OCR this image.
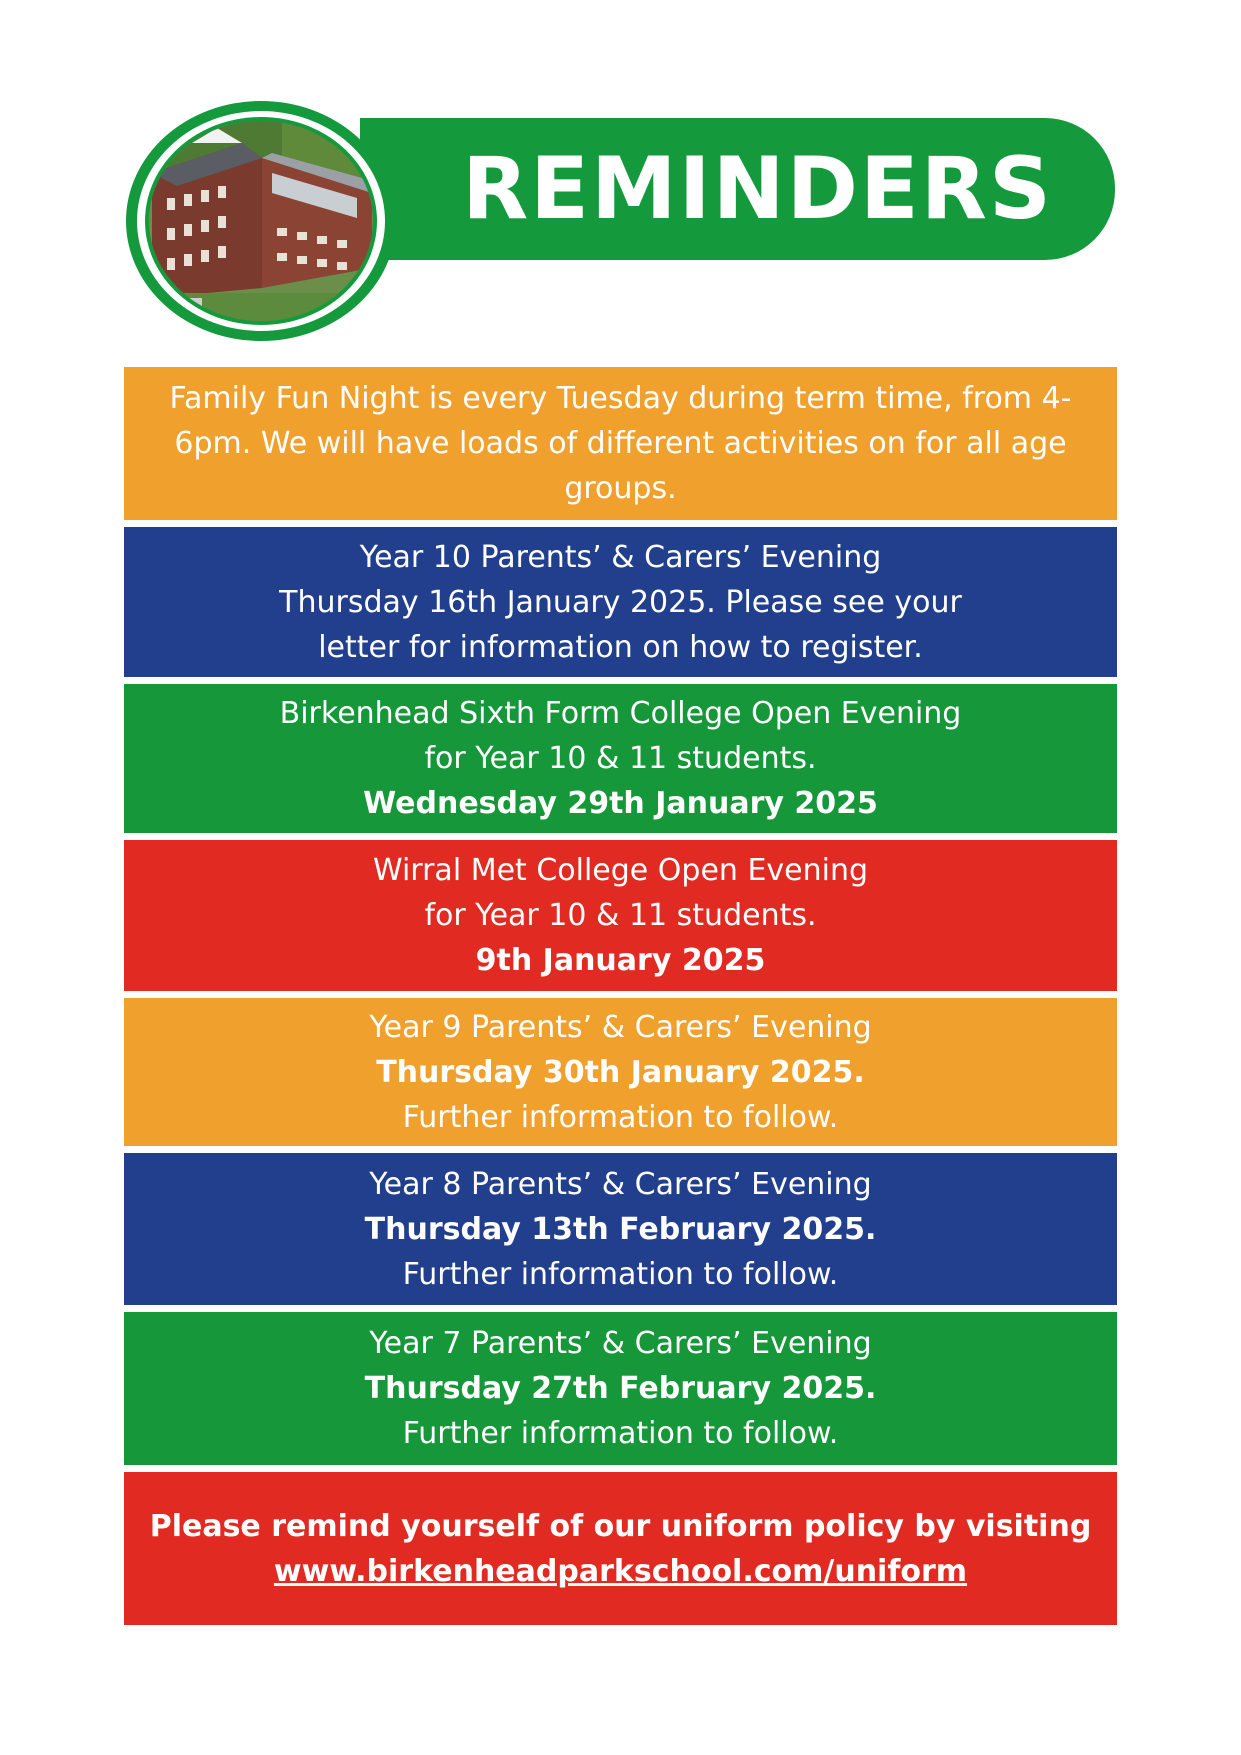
REMINDERS
Family Fun Night is every Tuesday during term time, from 4-
6pm. We will have loads of different activities on for all age
groups.
Year 10 Parents’ & Carers’ Evening
Thursday 16th January 2025. Please see your
letter for information on how to register.
Birkenhead Sixth Form College Open Evening
for Year 10 & 11 students.
Wednesday 29th January 2025
Wirral Met College Open Evening
for Year 10 & 11 students.
9th January 2025
Year 9 Parents’ & Carers’ Evening
Thursday 30th January 2025.
Further information to follow.
Year 8 Parents’ & Carers’ Evening
Thursday 13th February 2025.
Further information to follow.
Year 7 Parents’ & Carers’ Evening
Thursday 27th February 2025.
Further information to follow.
Please remind yourself of our uniform policy by visiting
www.birkenheadparkschool.com/uniform
